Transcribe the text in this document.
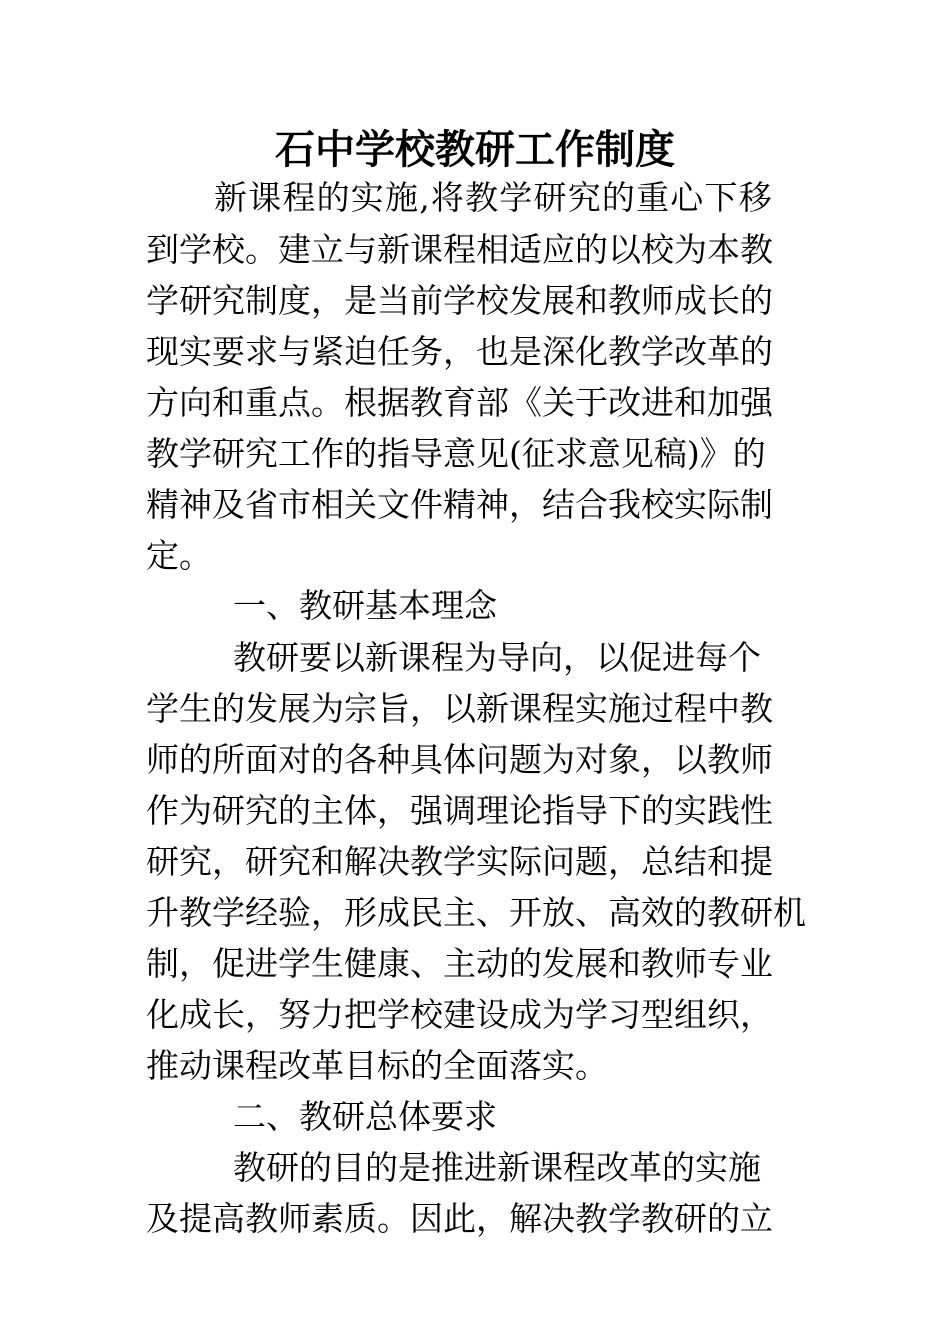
石中学校教研工作制度
新课程的实施,将教学研究的重心下移
到学校。建立与新课程相适应的以校为本教
学研究制度，是当前学校发展和教师成长的
现实要求与紧迫任务，也是深化教学改革的
方向和重点。根据教育部《关于改进和加强
教学研究工作的指导意见(征求意见稿)》的
精神及省市相关文件精神，结合我校实际制
定。
一、教研基本理念
教研要以新课程为导向，以促进每个
学生的发展为宗旨，以新课程实施过程中教
师的所面对的各种具体问题为对象，以教师
作为研究的主体，强调理论指导下的实践性
研究，研究和解决教学实际问题，总结和提
升教学经验，形成民主、开放、高效的教研机
制，促进学生健康、主动的发展和教师专业
化成长，努力把学校建设成为学习型组织，
推动课程改革目标的全面落实。
二、教研总体要求
教研的目的是推进新课程改革的实施
及提高教师素质。因此，解决教学教研的立
